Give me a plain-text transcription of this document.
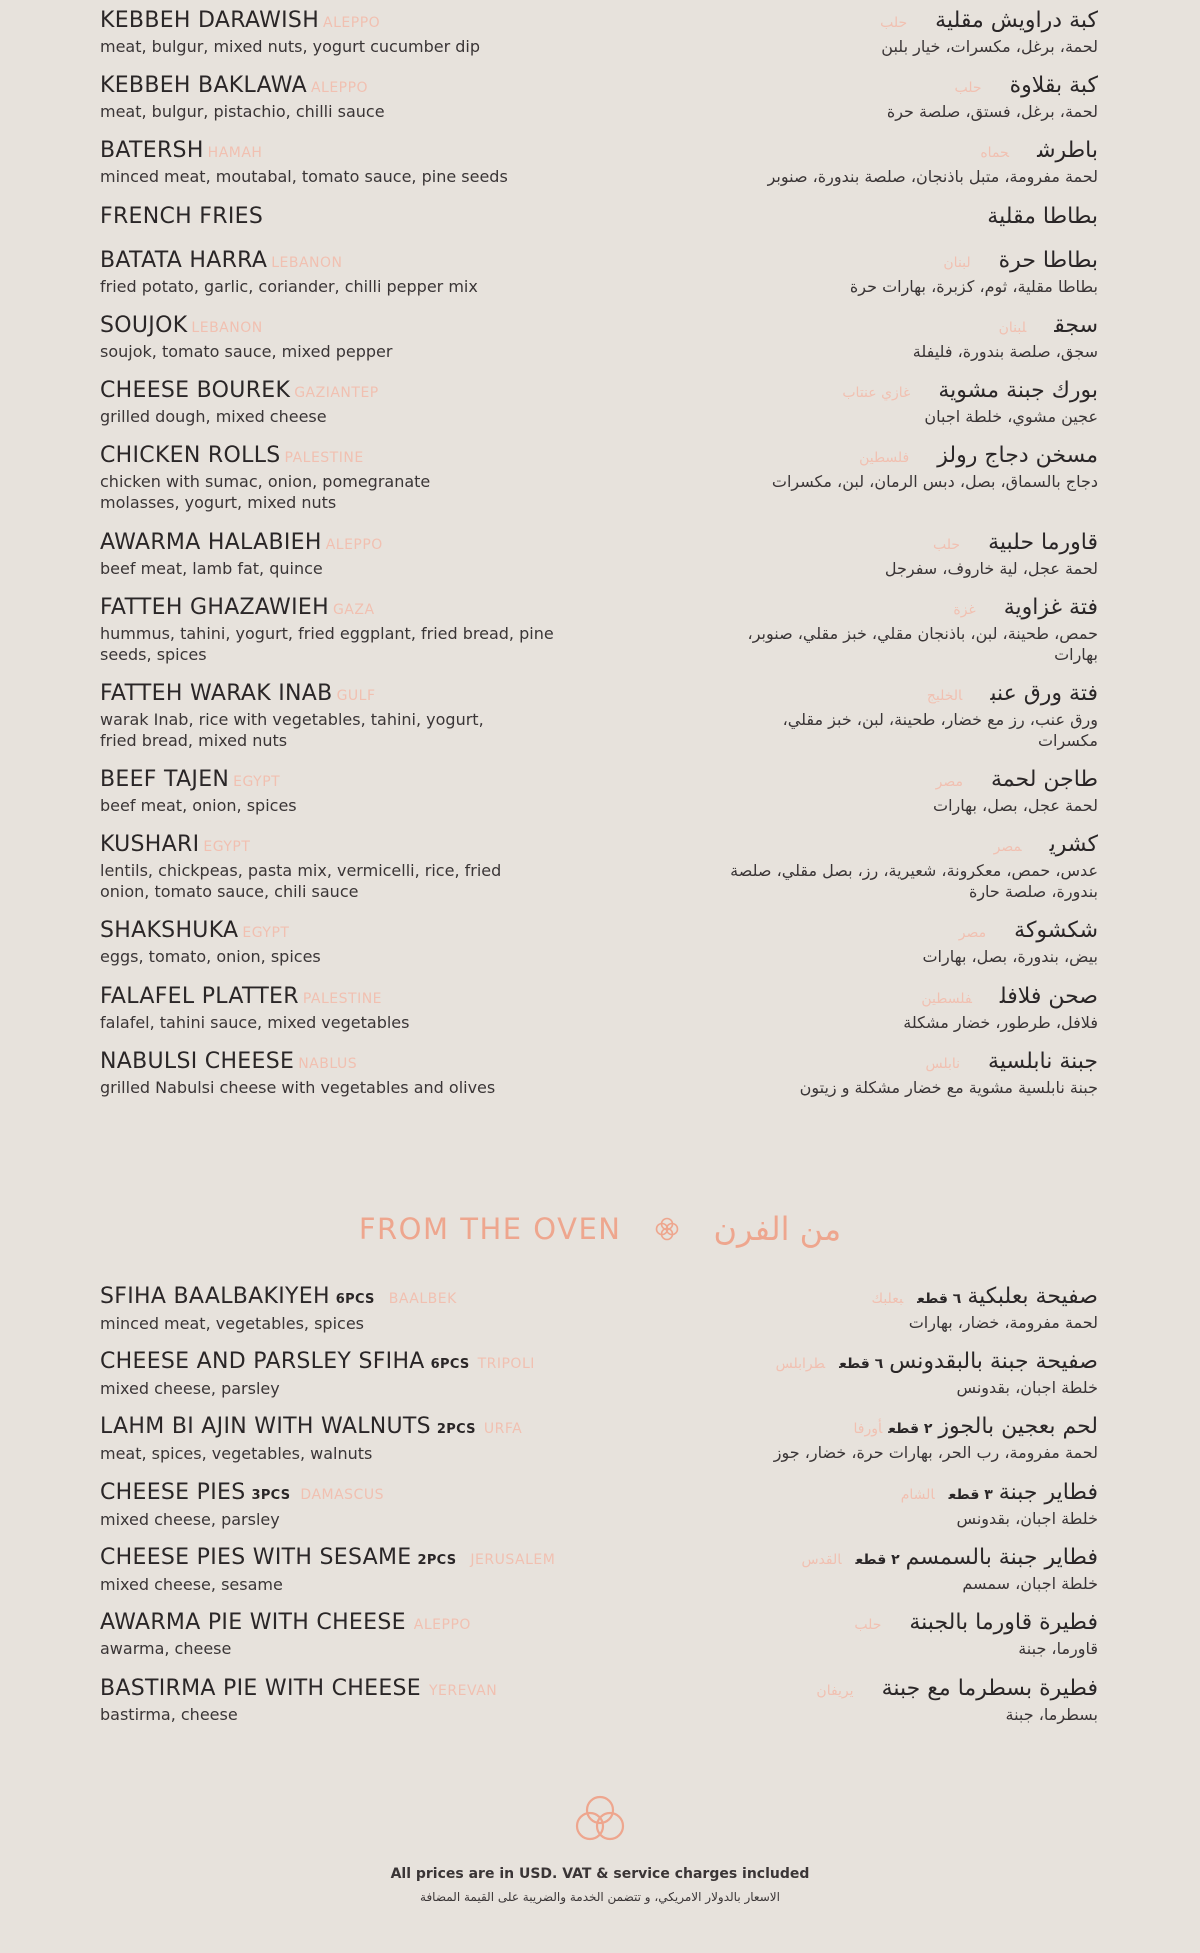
KEBBEH DARAWISH ALEPPO
meat, bulgur, mixed nuts, yogurt cucumber dip
كبة دراويش مقليةحلب
لحمة، برغل، مكسرات، خيار بلبن
KEBBEH BAKLAWA ALEPPO
meat, bulgur, pistachio, chilli sauce
كبة بقلاوةحلب
لحمة، برغل، فستق، صلصة حرة
BATERSH HAMAH
minced meat, moutabal, tomato sauce, pine seeds
باطرشحماه
لحمة مفرومة، متبل باذنجان، صلصة بندورة، صنوبر
FRENCH FRIES	بطاطا مقلية
BATATA HARRA LEBANON
fried potato, garlic, coriander, chilli pepper mix
بطاطا حرةلبنان
بطاطا مقلية، ثوم، كزبرة، بهارات حرة
SOUJOK LEBANON
soujok, tomato sauce, mixed pepper
سجقلبنان
سجق، صلصة بندورة، فليفلة
CHEESE BOUREK GAZIANTEP
grilled dough, mixed cheese
بورك جبنة مشويةغازي عنتاب
عجين مشوي، خلطة اجبان
CHICKEN ROLLS PALESTINE
chicken with sumac, onion, pomegranate molasses, yogurt, mixed nuts
مسخن دجاج رولزفلسطين
دجاج بالسماق، بصل، دبس الرمان، لبن، مكسرات
AWARMA HALABIEH ALEPPO
beef meat, lamb fat, quince
قاورما حلبيةحلب
لحمة عجل، لية خاروف، سفرجل
FATTEH GHAZAWIEH GAZA
hummus, tahini, yogurt, fried eggplant, fried bread, pine seeds, spices
فتة غزاويةغزة
حمص، طحينة، لبن، باذنجان مقلي، خبز مقلي، صنوبر، بهارات
FATTEH WARAK INAB GULF
warak Inab, rice with vegetables, tahini, yogurt, fried bread, mixed nuts
فتة ورق عنبالخليج
ورق عنب، رز مع خضار، طحينة، لبن، خبز مقلي، مكسرات
BEEF TAJEN EGYPT
beef meat, onion, spices
طاجن لحمةمصر
لحمة عجل، بصل، بهارات
KUSHARI EGYPT
lentils, chickpeas, pasta mix, vermicelli, rice, fried onion, tomato sauce, chili sauce
كشريمصر
عدس، حمص، معكرونة، شعيرية، رز، بصل مقلي، صلصة بندورة، صلصة حارة
SHAKSHUKA EGYPT
eggs, tomato, onion, spices
شكشوكةمصر
بيض، بندورة، بصل، بهارات
FALAFEL PLATTER PALESTINE
falafel, tahini sauce, mixed vegetables
صحن فلافلفلسطين
فلافل، طرطور، خضار مشكلة
NABULSI CHEESE NABLUS
grilled Nabulsi cheese with vegetables and olives
جبنة نابلسيةنابلس
جبنة نابلسية مشوية مع خضار مشكلة و زيتون
FROM THE OVEN	من الفرن
SFIHA BAALBAKIYEH 6PCS BAALBEK
minced meat, vegetables, spices
صفيحة بعلبكية٦ قطعبعلبك
لحمة مفرومة، خضار، بهارات
CHEESE AND PARSLEY SFIHA 6PCS TRIPOLI
mixed cheese, parsley
صفيحة جبنة بالبقدونس٦ قطعطرابلس
خلطة اجبان، بقدونس
LAHM BI AJIN WITH WALNUTS 2PCS URFA
meat, spices, vegetables, walnuts
لحم بعجين بالجوز٢ قطعأورفا
لحمة مفرومة، رب الحر، بهارات حرة، خضار، جوز
CHEESE PIES 3PCS DAMASCUS
mixed cheese, parsley
فطاير جبنة٣ قطعالشام
خلطة اجبان، بقدونس
CHEESE PIES WITH SESAME 2PCS JERUSALEM
mixed cheese, sesame
فطاير جبنة بالسمسم٢ قطعالقدس
خلطة اجبان، سمسم
AWARMA PIE WITH CHEESE ALEPPO
awarma, cheese
فطيرة قاورما بالجبنةحلب
قاورما، جبنة
BASTIRMA PIE WITH CHEESE YEREVAN
bastirma, cheese
فطيرة بسطرما مع جبنةيريفان
بسطرما، جبنة
All prices are in USD. VAT & service charges included
الاسعار بالدولار الامريكي، و تتضمن الخدمة والضريبة على القيمة المضافة
